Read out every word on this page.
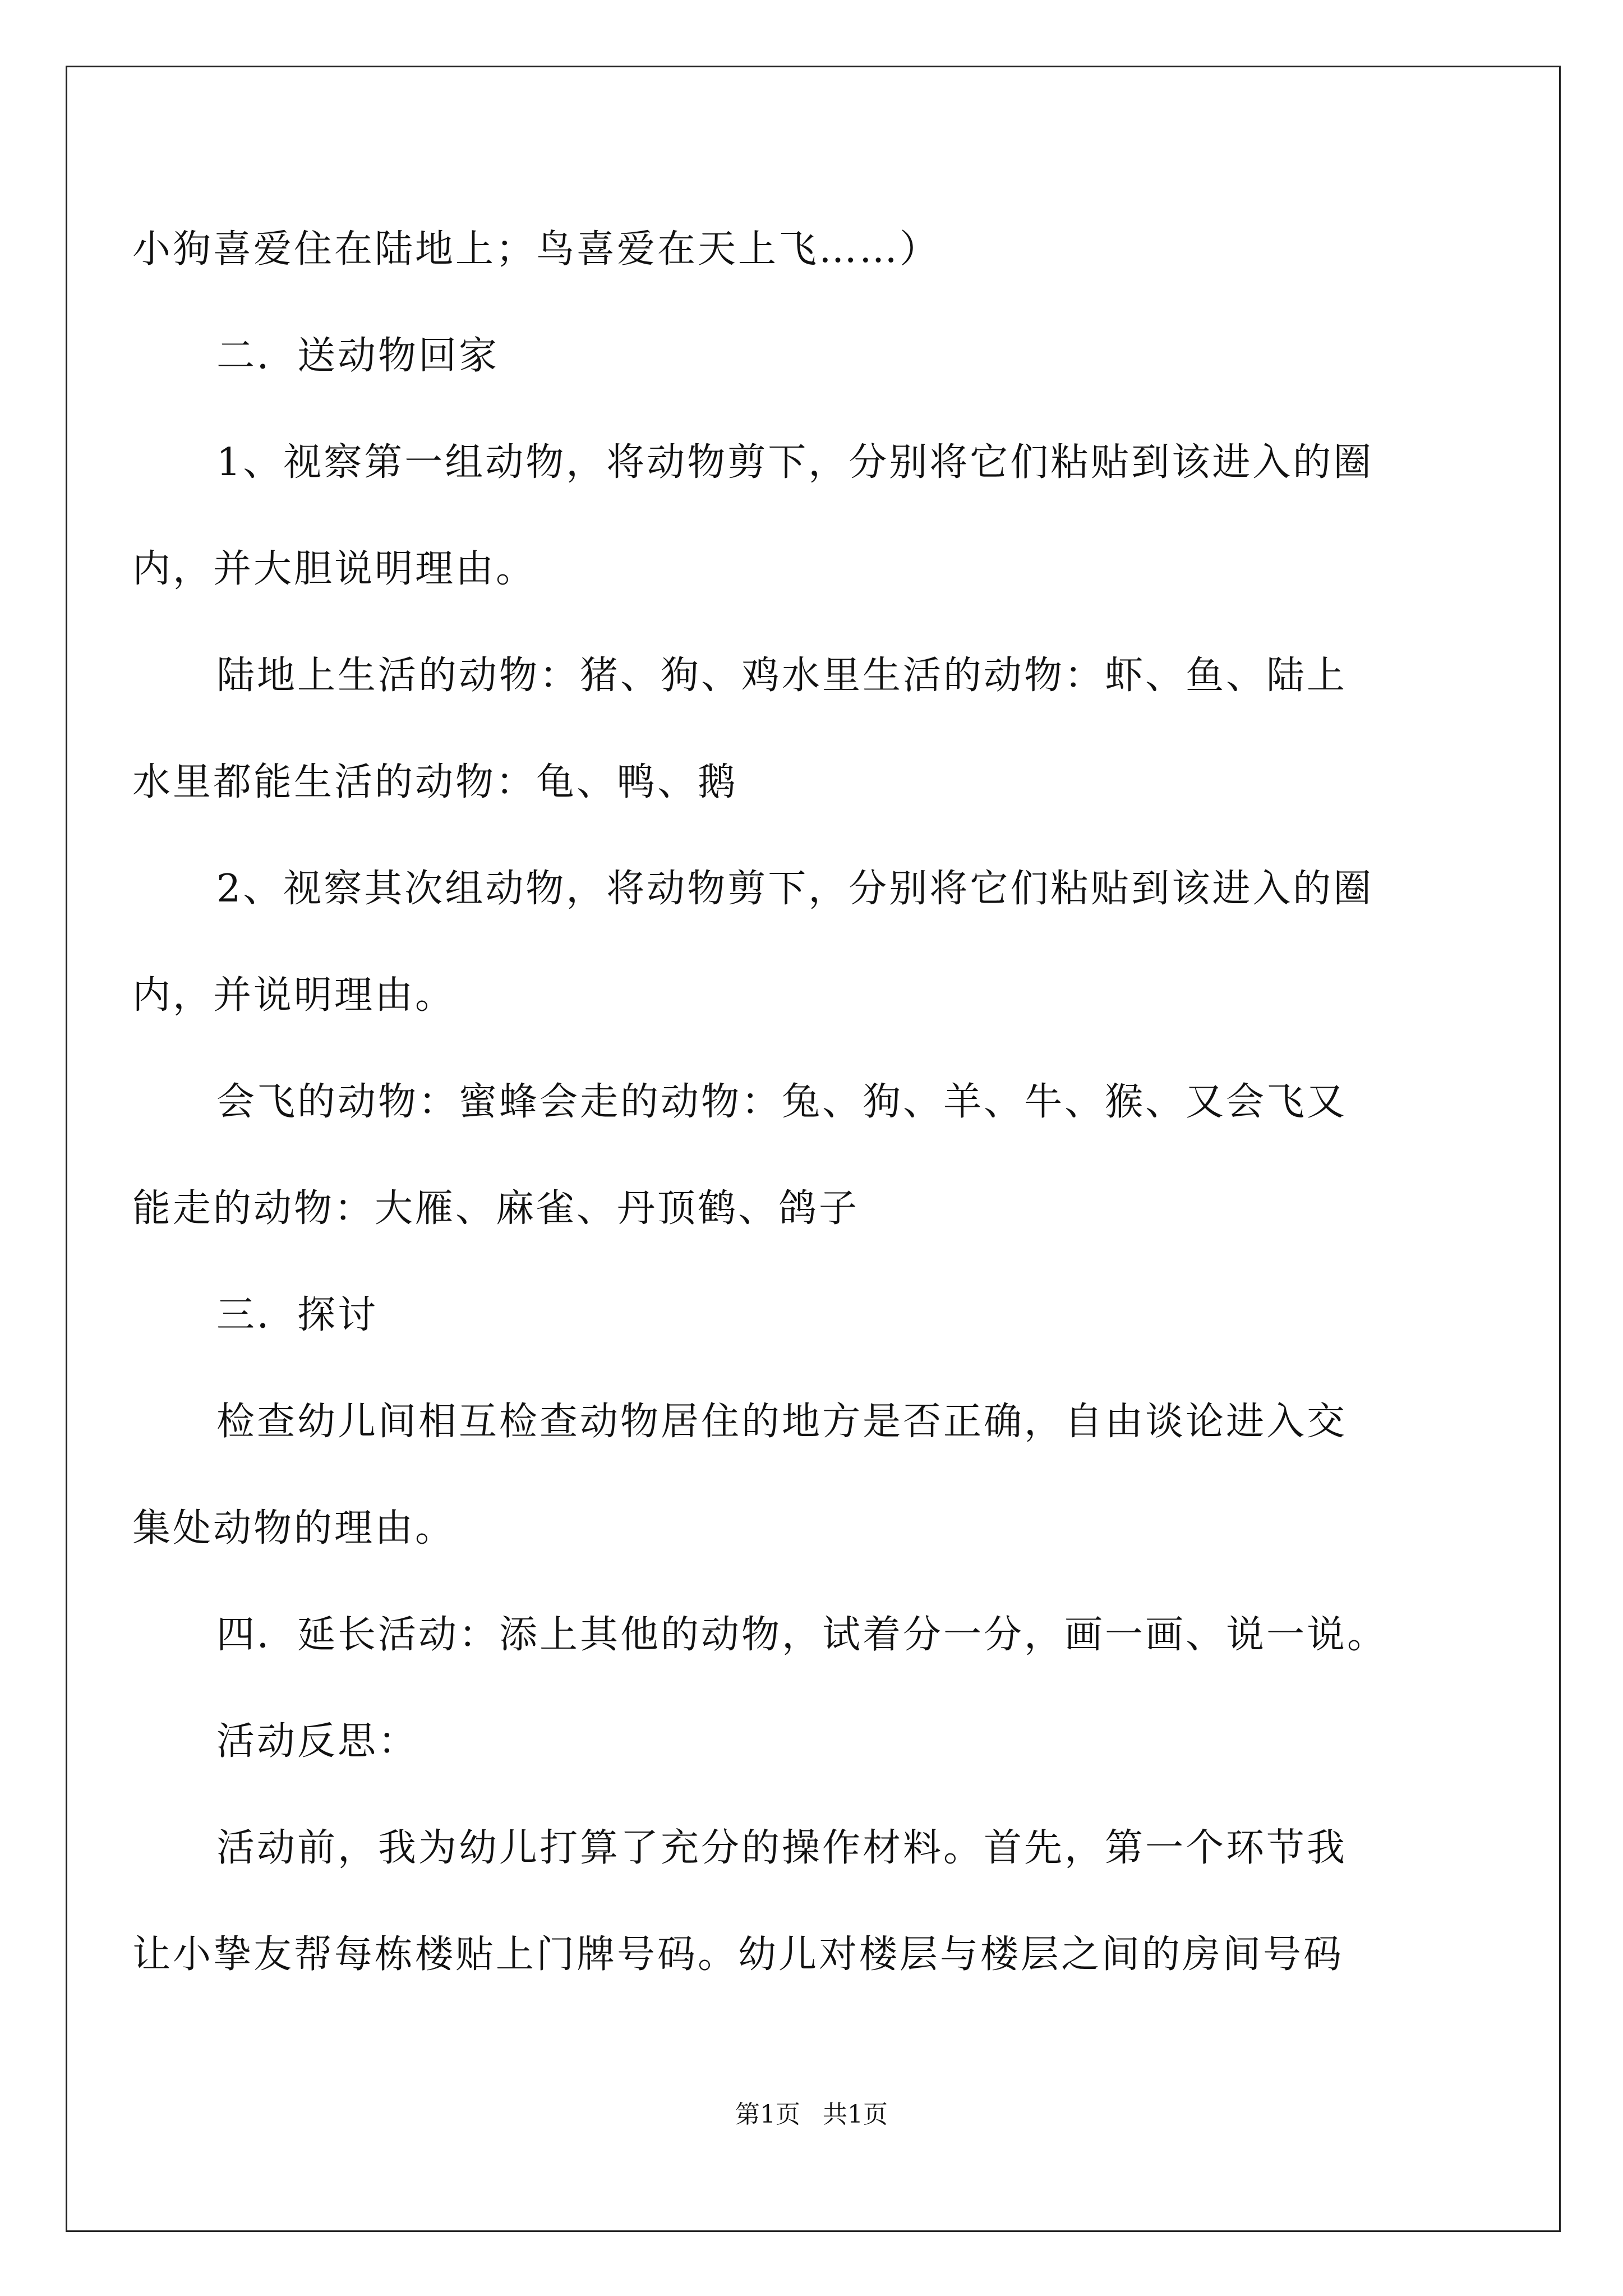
小狗喜爱住在陆地上；鸟喜爱在天上飞……）
二．送动物回家
1、视察第一组动物，将动物剪下，分别将它们粘贴到该进入的圈
内，并大胆说明理由。
陆地上生活的动物：猪、狗、鸡水里生活的动物：虾、鱼、陆上
水里都能生活的动物：龟、鸭、鹅
2、视察其次组动物，将动物剪下，分别将它们粘贴到该进入的圈
内，并说明理由。
会飞的动物：蜜蜂会走的动物：兔、狗、羊、牛、猴、又会飞又
能走的动物：大雁、麻雀、丹顶鹤、鸽子
三．探讨
检查幼儿间相互检查动物居住的地方是否正确，自由谈论进入交
集处动物的理由。
四．延长活动：添上其他的动物，试着分一分，画一画、说一说。
活动反思：
活动前，我为幼儿打算了充分的操作材料。首先，第一个环节我
让小挚友帮每栋楼贴上门牌号码。幼儿对楼层与楼层之间的房间号码
第1页 共1页
